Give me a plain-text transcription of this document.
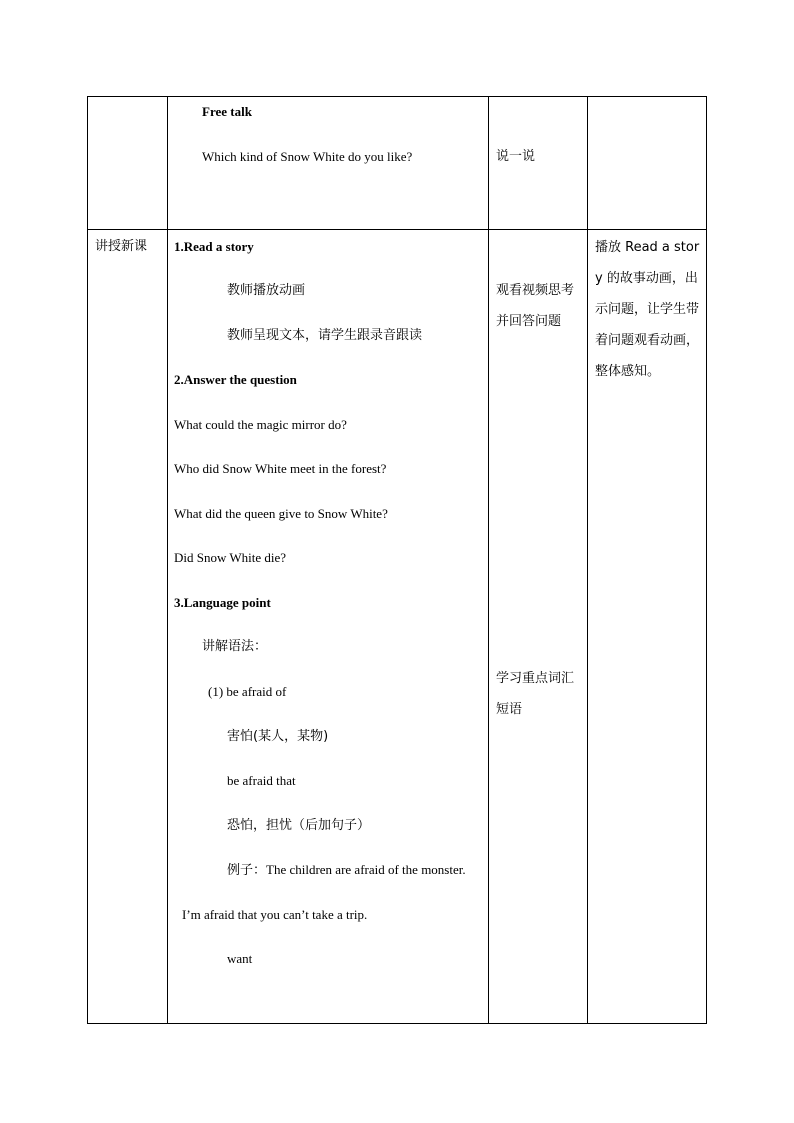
Free talk
Which kind of Snow White do you like?	说一说
讲授新课 1.Read a story
教师播放动画
教师呈现文本，请学生跟录音跟读
2.Answer the question
What could the magic mirror do?
Who did Snow White meet in the forest?
What did the queen give to Snow White?
Did Snow White die?
3.Language point
讲解语法：
(1) be afraid of
害怕(某人，某物)
be afraid that
恐怕，担忧（后加句子）
例子：The children are afraid of the monster.
I’m afraid that you can’t take a trip.
want
观看视频思考
并回答问题
学习重点词汇
短语
播放 Read a story 的故事动画，出示问题，让学生带着问题观看动画，整体感知。
